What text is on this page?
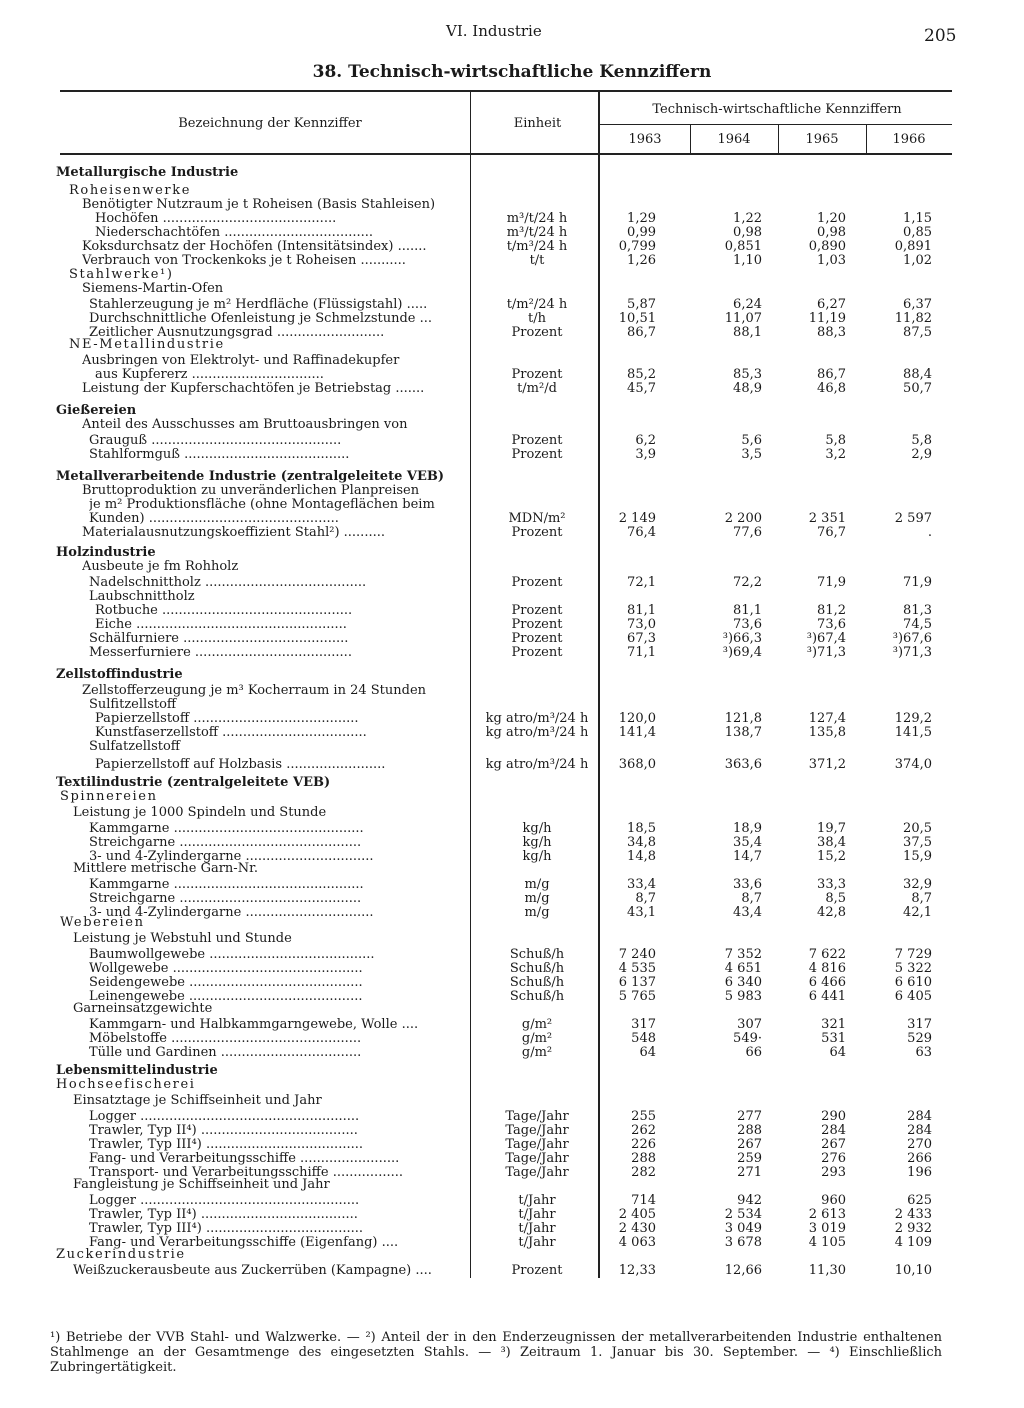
VI. Industrie	205
38. Technisch-wirtschaftliche Kennziffern
Bezeichnung der Kennziffer	Einheit
Technisch-wirtschaftliche Kennziffern
1963	1964	1965	1966
Metallurgische Industrie
Roheisenwerke
Benötigter Nutzraum je t Roheisen (Basis Stahleisen)
Hochöfen ..........................................	m³/t/24 h	1,29	1,22	1,20	1,15
Niederschachtöfen ....................................	m³/t/24 h	0,99	0,98	0,98	0,85
Koksdurchsatz der Hochöfen (Intensitätsindex) .......	t/m³/24 h	0,799	0,851	0,890	0,891
Verbrauch von Trockenkoks je t Roheisen ...........	t/t	1,26	1,10	1,03	1,02
Stahlwerke¹)
Siemens-Martin-Öfen
Stahlerzeugung je m² Herdfläche (Flüssigstahl) .....	t/m²/24 h	5,87	6,24	6,27	6,37
Durchschnittliche Ofenleistung je Schmelzstunde ...	t/h	10,51	11,07	11,19	11,82
Zeitlicher Ausnutzungsgrad ..........................	Prozent	86,7	88,1	88,3	87,5
NE-Metallindustrie
Ausbringen von Elektrolyt- und Raffinadekupfer
aus Kupfererz ................................	Prozent	85,2	85,3	86,7	88,4
Leistung der Kupferschachtöfen je Betriebstag .......	t/m²/d	45,7	48,9	46,8	50,7
Gießereien
Anteil des Ausschusses am Bruttoausbringen von
Grauguß ..............................................	Prozent	6,2	5,6	5,8	5,8
Stahlformguß ........................................	Prozent	3,9	3,5	3,2	2,9
Metallverarbeitende Industrie (zentralgeleitete VEB)
Bruttoproduktion zu unveränderlichen Planpreisen
je m² Produktionsfläche (ohne Montageflächen beim
Kunden) ..............................................	MDN/m²	2 149	2 200	2 351	2 597
Materialausnutzungskoeffizient Stahl²) ..........	Prozent	76,4	77,6	76,7	.
Holzindustrie
Ausbeute je fm Rohholz
Nadelschnittholz .......................................	Prozent	72,1	72,2	71,9	71,9
Laubschnittholz
Rotbuche ..............................................	Prozent	81,1	81,1	81,2	81,3
Eiche ...................................................	Prozent	73,0	73,6	73,6	74,5
Schälfurniere ........................................	Prozent	67,3	³)66,3	³)67,4	³)67,6
Messerfurniere ......................................	Prozent	71,1	³)69,4	³)71,3	³)71,3
Zellstoffindustrie
Zellstofferzeugung je m³ Kocherraum in 24 Stunden
Sulfitzellstoff
Papierzellstoff ........................................	kg atro/m³/24 h	120,0	121,8	127,4	129,2
Kunstfaserzellstoff ...................................	kg atro/m³/24 h	141,4	138,7	135,8	141,5
Sulfatzellstoff
Papierzellstoff auf Holzbasis ........................	kg atro/m³/24 h	368,0	363,6	371,2	374,0
Textilindustrie (zentralgeleitete VEB)
Spinnereien
Leistung je 1000 Spindeln und Stunde
Kammgarne ..............................................	kg/h	18,5	18,9	19,7	20,5
Streichgarne ............................................	kg/h	34,8	35,4	38,4	37,5
3- und 4-Zylindergarne ...............................	kg/h	14,8	14,7	15,2	15,9
Mittlere metrische Garn-Nr.
Kammgarne ..............................................	m/g	33,4	33,6	33,3	32,9
Streichgarne ............................................	m/g	8,7	8,7	8,5	8,7
3- und 4-Zylindergarne ...............................	m/g	43,1	43,4	42,8	42,1
Webereien
Leistung je Webstuhl und Stunde
Baumwollgewebe ........................................	Schuß/h	7 240	7 352	7 622	7 729
Wollgewebe ..............................................	Schuß/h	4 535	4 651	4 816	5 322
Seidengewebe ..........................................	Schuß/h	6 137	6 340	6 466	6 610
Leinengewebe ..........................................	Schuß/h	5 765	5 983	6 441	6 405
Garneinsatzgewichte
Kammgarn- und Halbkammgarngewebe, Wolle ....	g/m²	317	307	321	317
Möbelstoffe ..............................................	g/m²	548	549·	531	529
Tülle und Gardinen ..................................	g/m²	64	66	64	63
Lebensmittelindustrie
Hochseefischerei
Einsatztage je Schiffseinheit und Jahr
Logger .....................................................	Tage/Jahr	255	277	290	284
Trawler, Typ II⁴) ......................................	Tage/Jahr	262	288	284	284
Trawler, Typ III⁴) ......................................	Tage/Jahr	226	267	267	270
Fang- und Verarbeitungsschiffe ........................	Tage/Jahr	288	259	276	266
Transport- und Verarbeitungsschiffe .................	Tage/Jahr	282	271	293	196
Fangleistung je Schiffseinheit und Jahr
Logger .....................................................	t/Jahr	714	942	960	625
Trawler, Typ II⁴) ......................................	t/Jahr	2 405	2 534	2 613	2 433
Trawler, Typ III⁴) ......................................	t/Jahr	2 430	3 049	3 019	2 932
Fang- und Verarbeitungsschiffe (Eigenfang) ....	t/Jahr	4 063	3 678	4 105	4 109
Zuckerindustrie
Weißzuckerausbeute aus Zuckerrüben (Kampagne) ....	Prozent	12,33	12,66	11,30	10,10
¹) Betriebe der VVB Stahl- und Walzwerke. — ²) Anteil der in den Enderzeugnissen der metallverarbeitenden Industrie enthaltenen Stahlmenge an der Gesamtmenge des eingesetzten Stahls. — ³) Zeitraum 1. Januar bis 30. September. — ⁴) Einschließlich Zubringertätigkeit.
